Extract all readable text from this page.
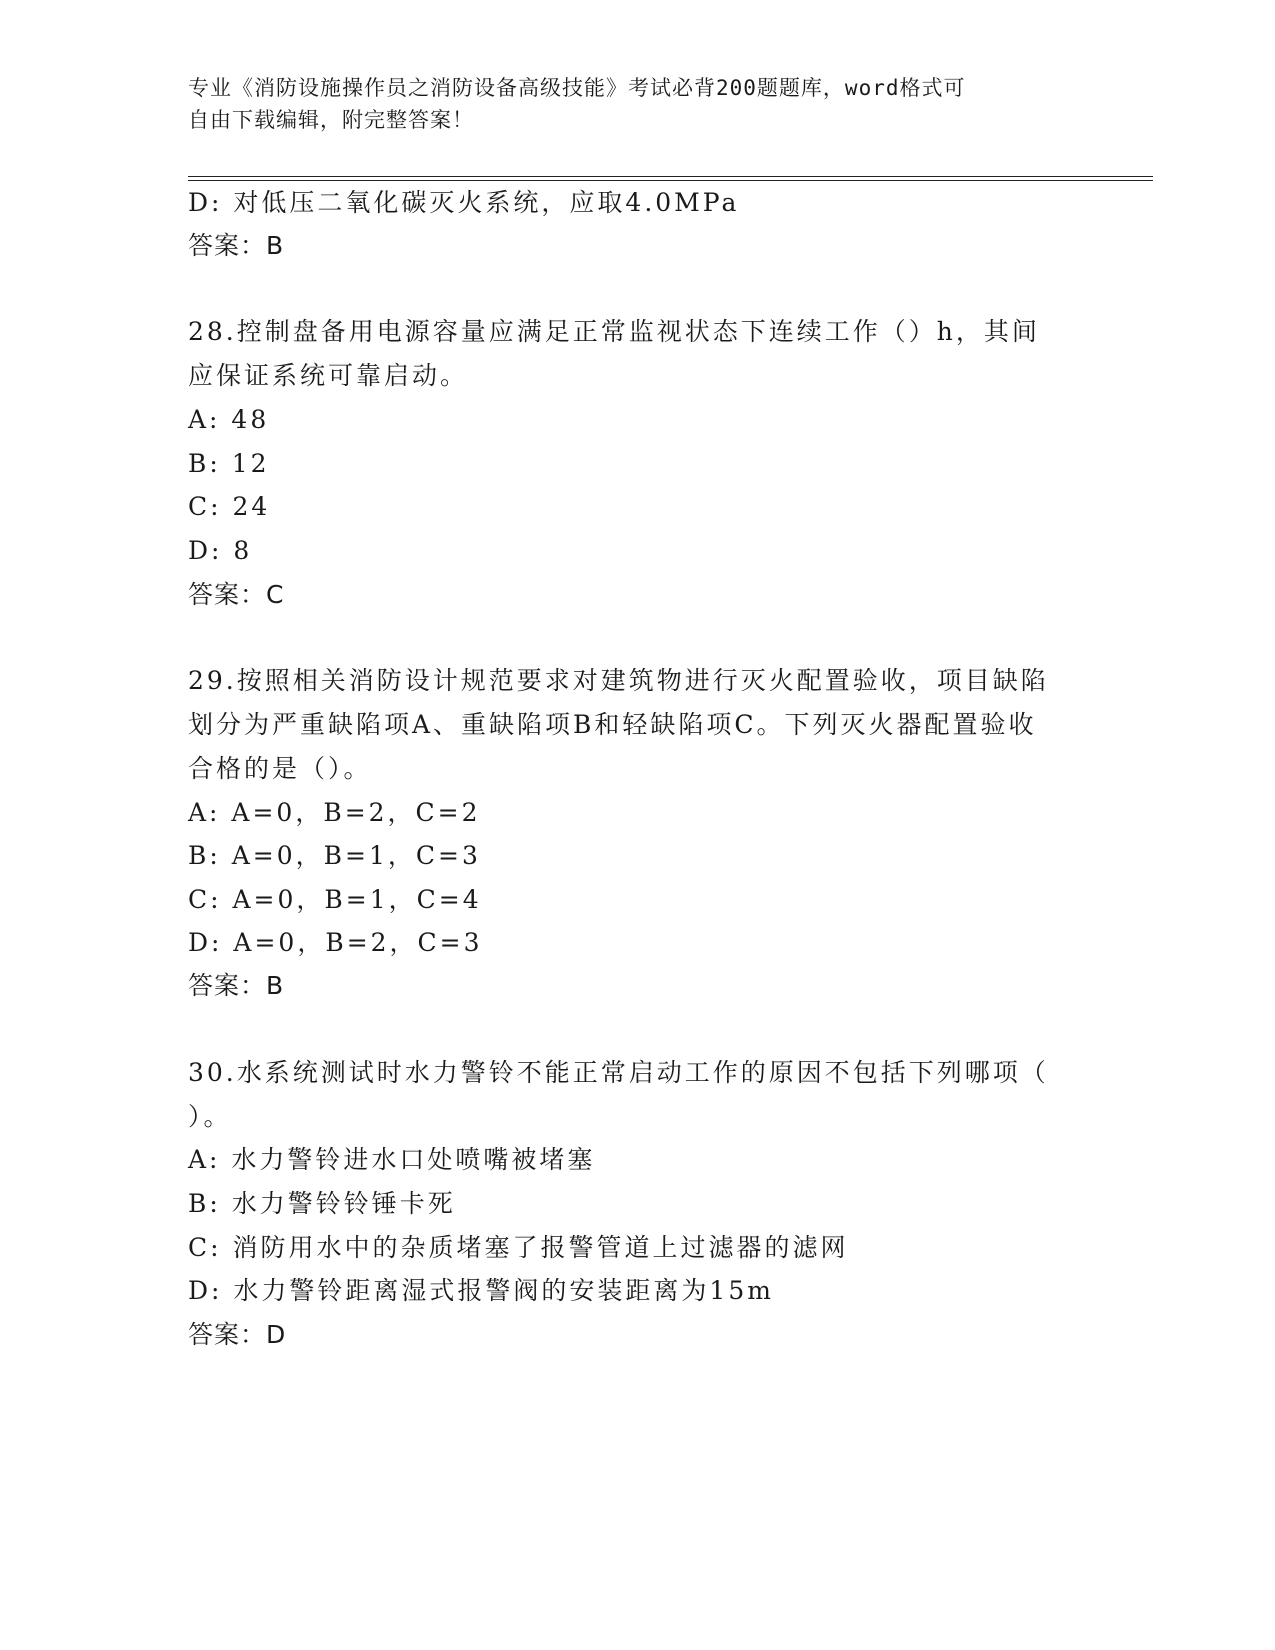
专业《消防设施操作员之消防设备高级技能》考试必背200题题库，word格式可
自由下载编辑，附完整答案！
D: 对低压二氧化碳灭火系统，应取4.0MPa
答案：B
28.控制盘备用电源容量应满足正常监视状态下连续工作（）h，其间
应保证系统可靠启动。
A: 48
B: 12
C: 24
D: 8
答案：C
29.按照相关消防设计规范要求对建筑物进行灭火配置验收，项目缺陷
划分为严重缺陷项A、重缺陷项B和轻缺陷项C。下列灭火器配置验收
合格的是（）。
A: A=0，B=2，C=2
B: A=0，B=1，C=3
C: A=0，B=1，C=4
D: A=0，B=2，C=3
答案：B
30.水系统测试时水力警铃不能正常启动工作的原因不包括下列哪项（
）。
A: 水力警铃进水口处喷嘴被堵塞
B: 水力警铃铃锤卡死
C: 消防用水中的杂质堵塞了报警管道上过滤器的滤网
D: 水力警铃距离湿式报警阀的安装距离为15m
答案：D
